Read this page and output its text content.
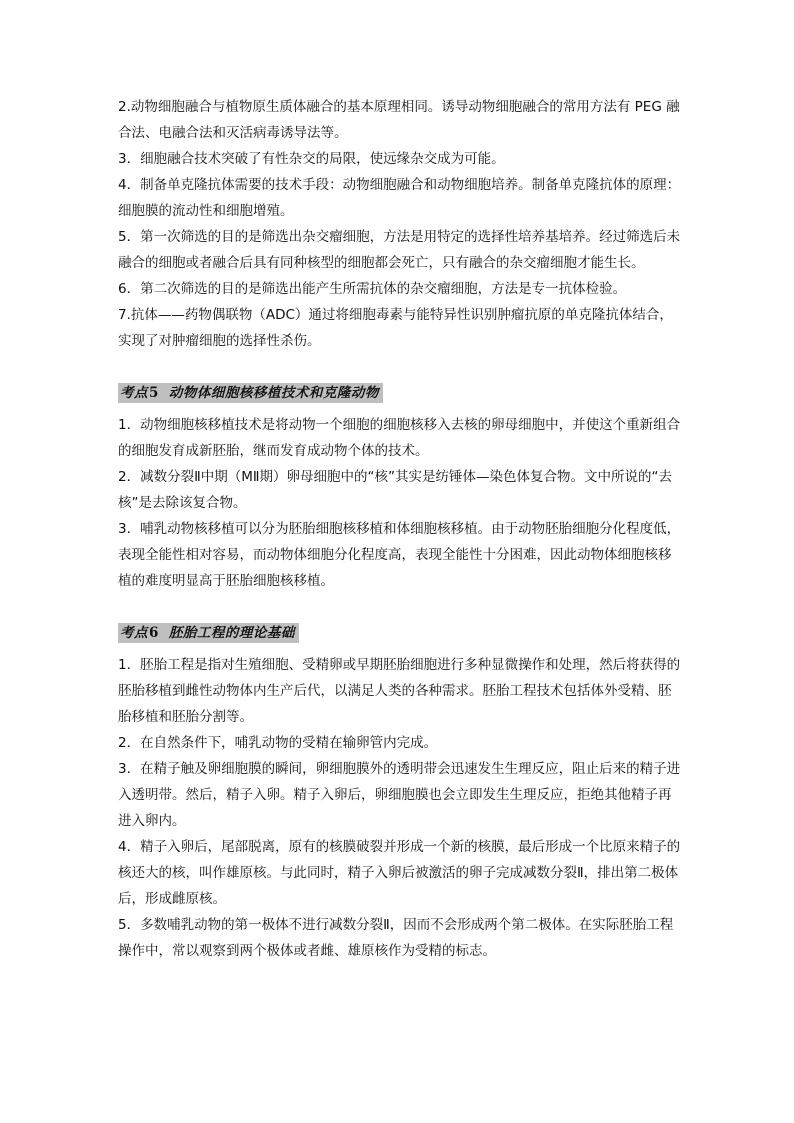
2.动物细胞融合与植物原生质体融合的基本原理相同。诱导动物细胞融合的常用方法有 PEG 融合法、电融合法和灭活病毒诱导法等。

3．细胞融合技术突破了有性杂交的局限，使远缘杂交成为可能。

4．制备单克隆抗体需要的技术手段：动物细胞融合和动物细胞培养。制备单克隆抗体的原理：细胞膜的流动性和细胞增殖。

5．第一次筛选的目的是筛选出杂交瘤细胞，方法是用特定的选择性培养基培养。经过筛选后未融合的细胞或者融合后具有同种核型的细胞都会死亡，只有融合的杂交瘤细胞才能生长。

6．第二次筛选的目的是筛选出能产生所需抗体的杂交瘤细胞，方法是专一抗体检验。

7.抗体——药物偶联物（ADC）通过将细胞毒素与能特异性识别肿瘤抗原的单克隆抗体结合，实现了对肿瘤细胞的选择性杀伤。

考点5 动物体细胞核移植技术和克隆动物

1．动物细胞核移植技术是将动物一个细胞的细胞核移入去核的卵母细胞中，并使这个重新组合的细胞发育成新胚胎，继而发育成动物个体的技术。

2．减数分裂Ⅱ中期（MⅡ期）卵母细胞中的“核”其实是纺锤体—染色体复合物。文中所说的“去核”是去除该复合物。

3．哺乳动物核移植可以分为胚胎细胞核移植和体细胞核移植。由于动物胚胎细胞分化程度低，表现全能性相对容易，而动物体细胞分化程度高，表现全能性十分困难，因此动物体细胞核移植的难度明显高于胚胎细胞核移植。

考点6 胚胎工程的理论基础

1．胚胎工程是指对生殖细胞、受精卵或早期胚胎细胞进行多种显微操作和处理，然后将获得的胚胎移植到雌性动物体内生产后代，以满足人类的各种需求。胚胎工程技术包括体外受精、胚胎移植和胚胎分割等。

2．在自然条件下，哺乳动物的受精在输卵管内完成。

3．在精子触及卵细胞膜的瞬间，卵细胞膜外的透明带会迅速发生生理反应，阻止后来的精子进入透明带。然后，精子入卵。精子入卵后，卵细胞膜也会立即发生生理反应，拒绝其他精子再进入卵内。

4．精子入卵后，尾部脱离，原有的核膜破裂并形成一个新的核膜，最后形成一个比原来精子的核还大的核，叫作雄原核。与此同时，精子入卵后被激活的卵子完成减数分裂Ⅱ，排出第二极体后，形成雌原核。

5．多数哺乳动物的第一极体不进行减数分裂Ⅱ，因而不会形成两个第二极体。在实际胚胎工程操作中，常以观察到两个极体或者雌、雄原核作为受精的标志。
